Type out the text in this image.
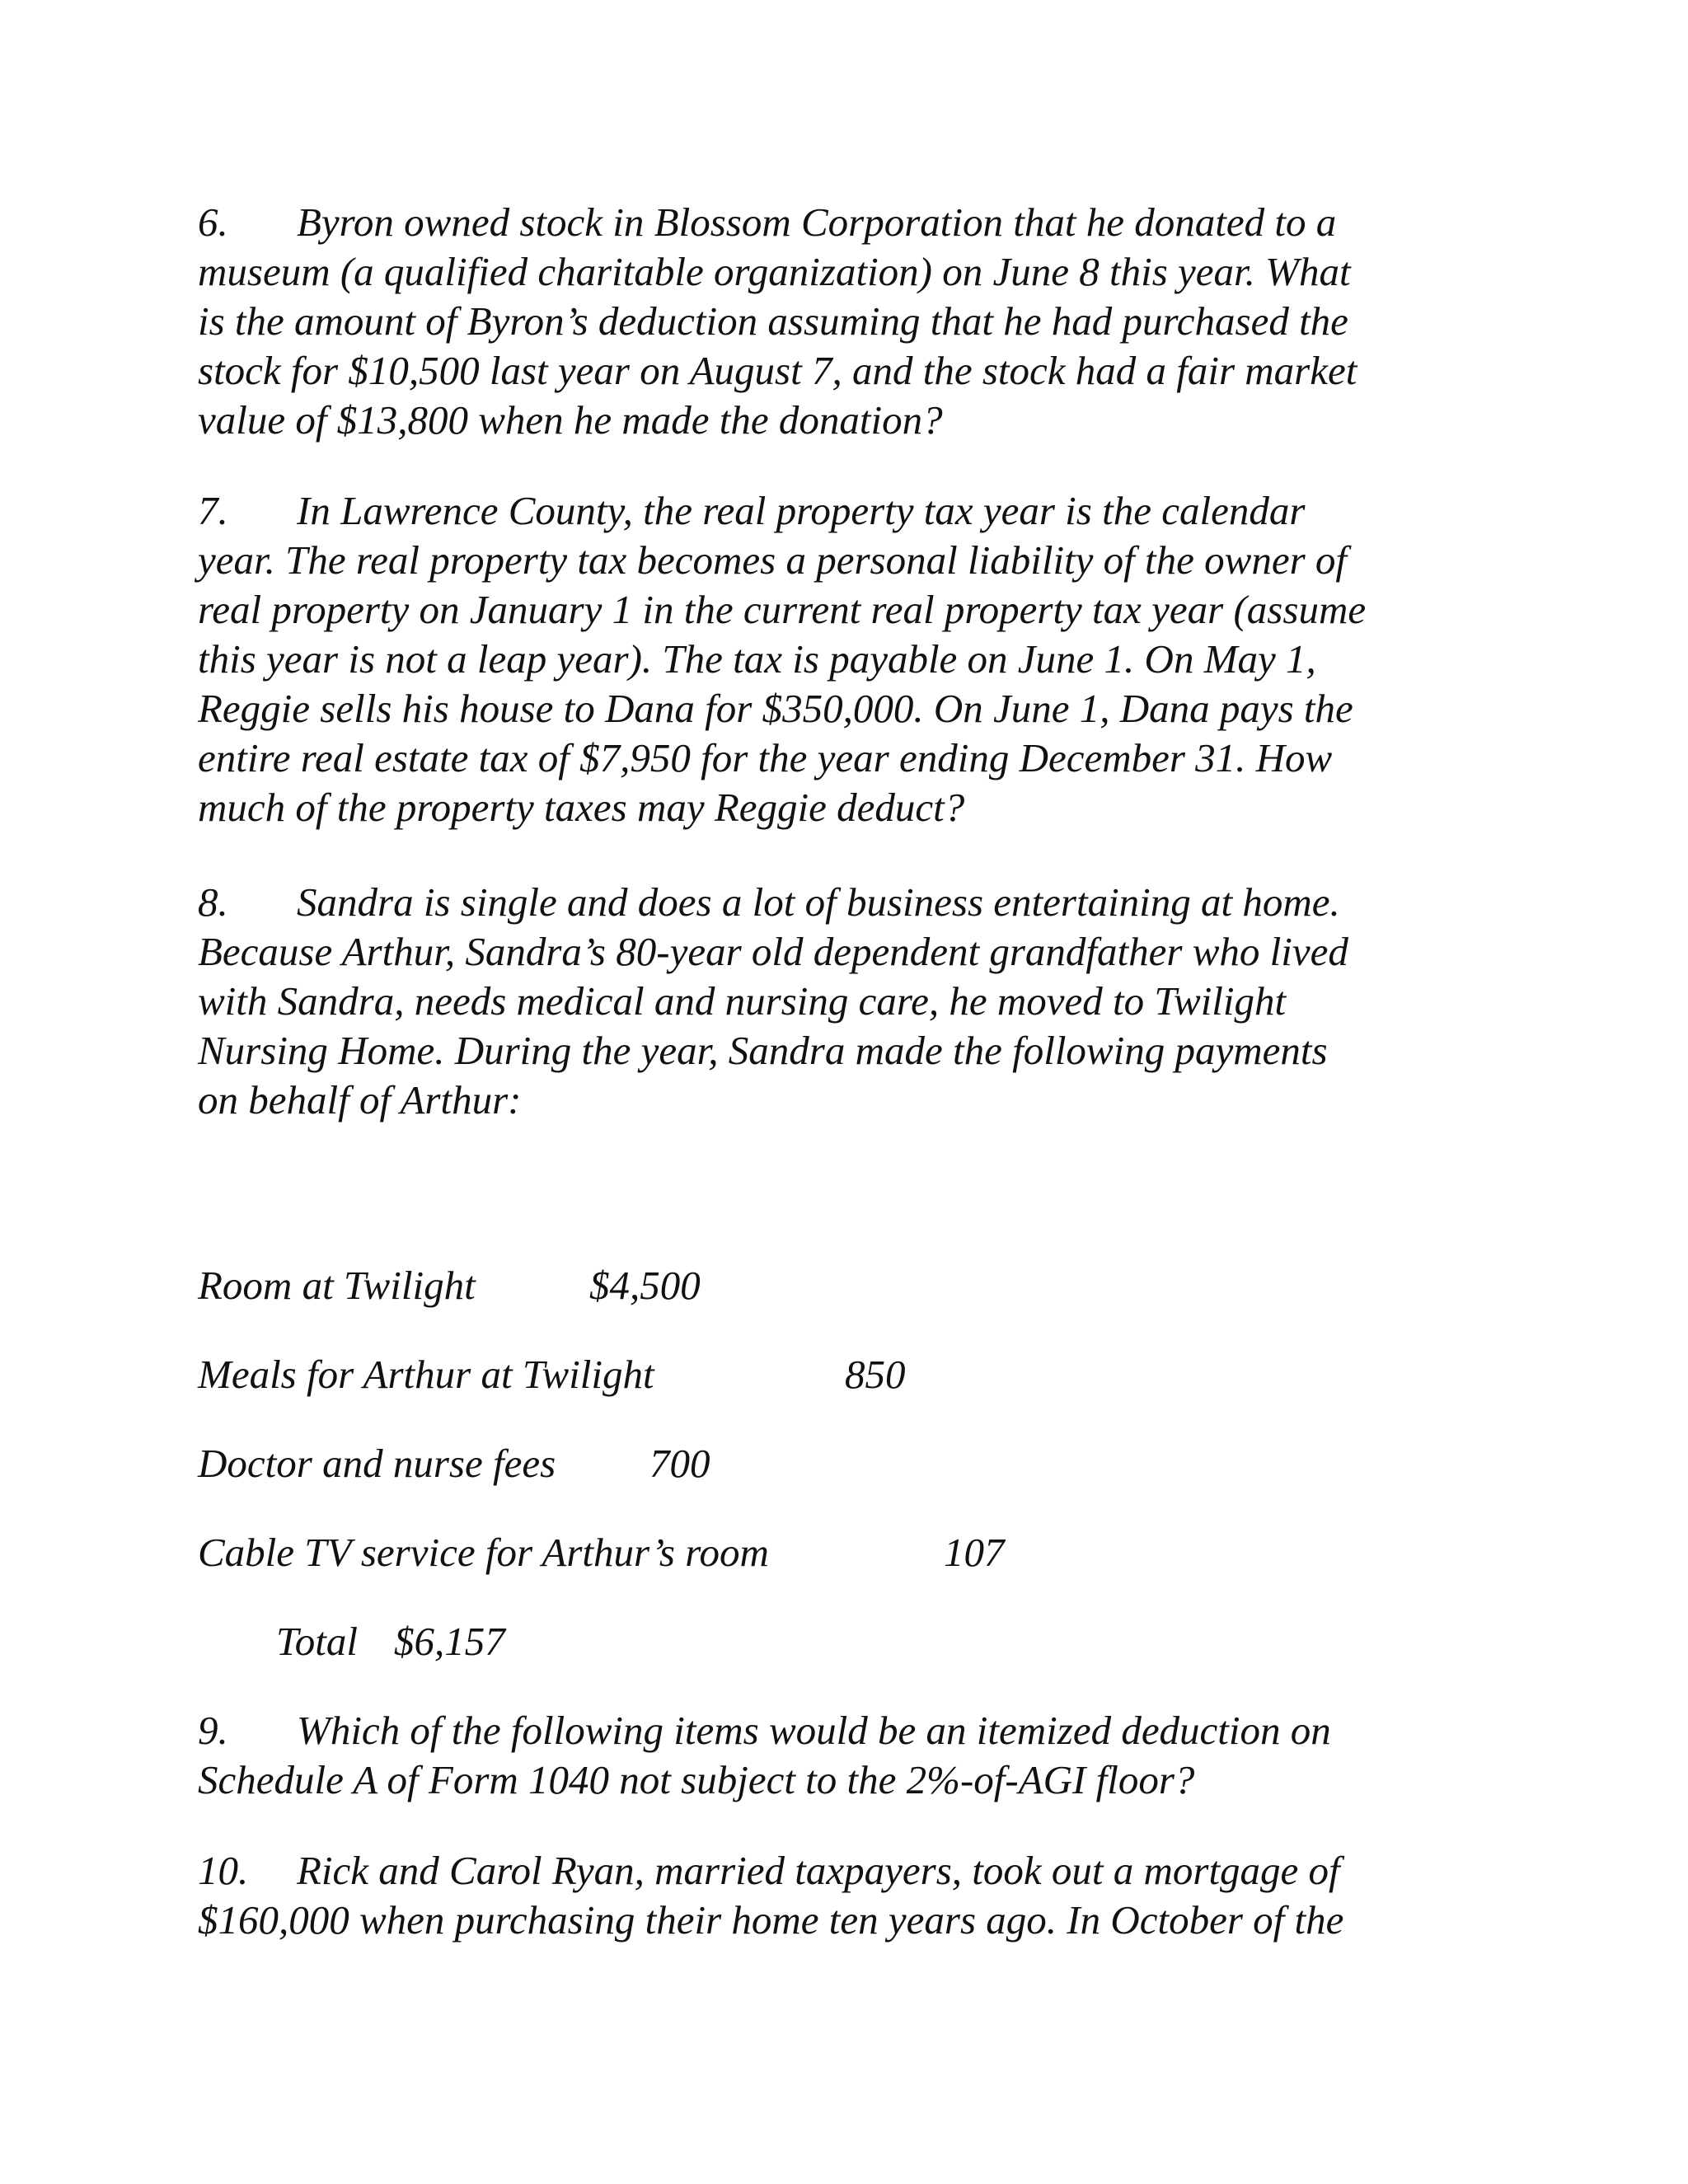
6. Byron owned stock in Blossom Corporation that he donated to a
museum (a qualified charitable organization) on June 8 this year. What
is the amount of Byron’s deduction assuming that he had purchased the
stock for $10,500 last year on August 7, and the stock had a fair market
value of $13,800 when he made the donation?
7. In Lawrence County, the real property tax year is the calendar
year. The real property tax becomes a personal liability of the owner of
real property on January 1 in the current real property tax year (assume
this year is not a leap year). The tax is payable on June 1. On May 1,
Reggie sells his house to Dana for $350,000. On June 1, Dana pays the
entire real estate tax of $7,950 for the year ending December 31. How
much of the property taxes may Reggie deduct?
8. Sandra is single and does a lot of business entertaining at home.
Because Arthur, Sandra’s 80-year old dependent grandfather who lived
with Sandra, needs medical and nursing care, he moved to Twilight
Nursing Home. During the year, Sandra made the following payments
on behalf of Arthur:
Room at Twilight	$4,500
Meals for Arthur at Twilight	850
Doctor and nurse fees 700
Cable TV service for Arthur’s room	107
Total $6,157
9. Which of the following items would be an itemized deduction on
Schedule A of Form 1040 not subject to the 2%-of-AGI floor?
10. Rick and Carol Ryan, married taxpayers, took out a mortgage of
$160,000 when purchasing their home ten years ago. In October of the
